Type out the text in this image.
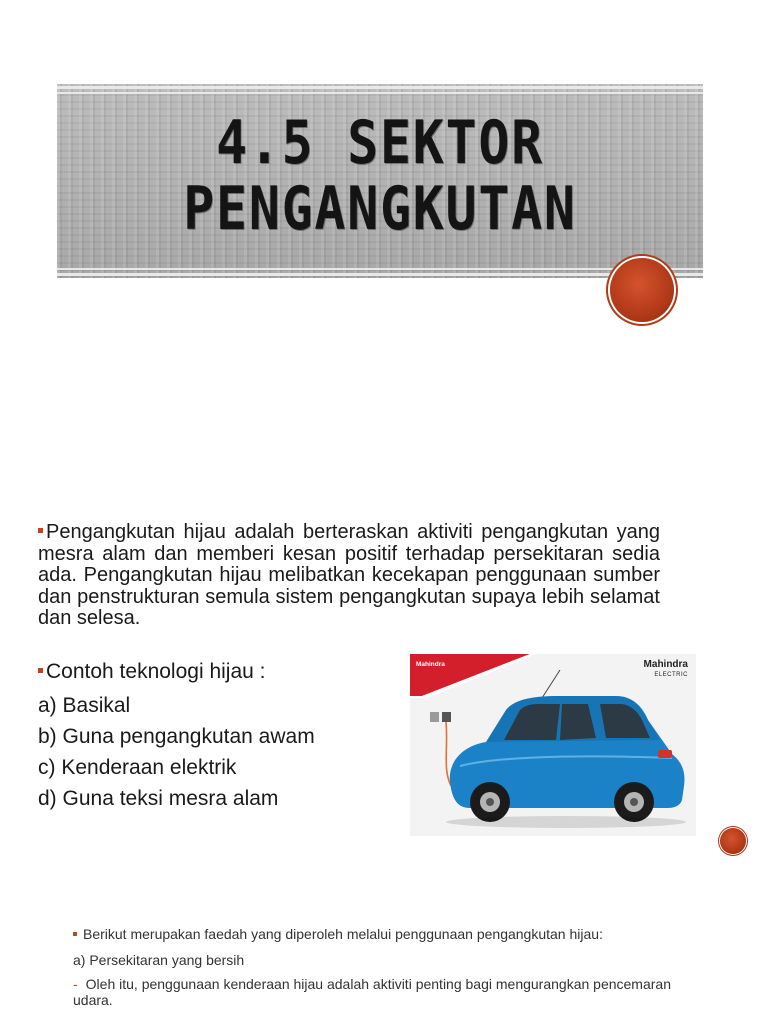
4.5 SEKTOR
PENGANGKUTAN
Pengangkutan hijau adalah berteraskan aktiviti pengangkutan yang mesra alam dan memberi kesan positif terhadap persekitaran sedia ada. Pengangkutan hijau melibatkan kecekapan penggunaan sumber dan penstrukturan semula sistem pengangkutan supaya lebih selamat dan selesa.
Contoh teknologi hijau :
a) Basikal
b) Guna pengangkutan awam
c) Kenderaan elektrik
d) Guna teksi mesra alam
Mahindra	Mahindra
ELECTRIC
Berikut merupakan faedah yang diperoleh melalui penggunaan pengangkutan hijau:
a) Persekitaran yang bersih
- Oleh itu, penggunaan kenderaan hijau adalah aktiviti penting bagi mengurangkan pencemaran udara.
